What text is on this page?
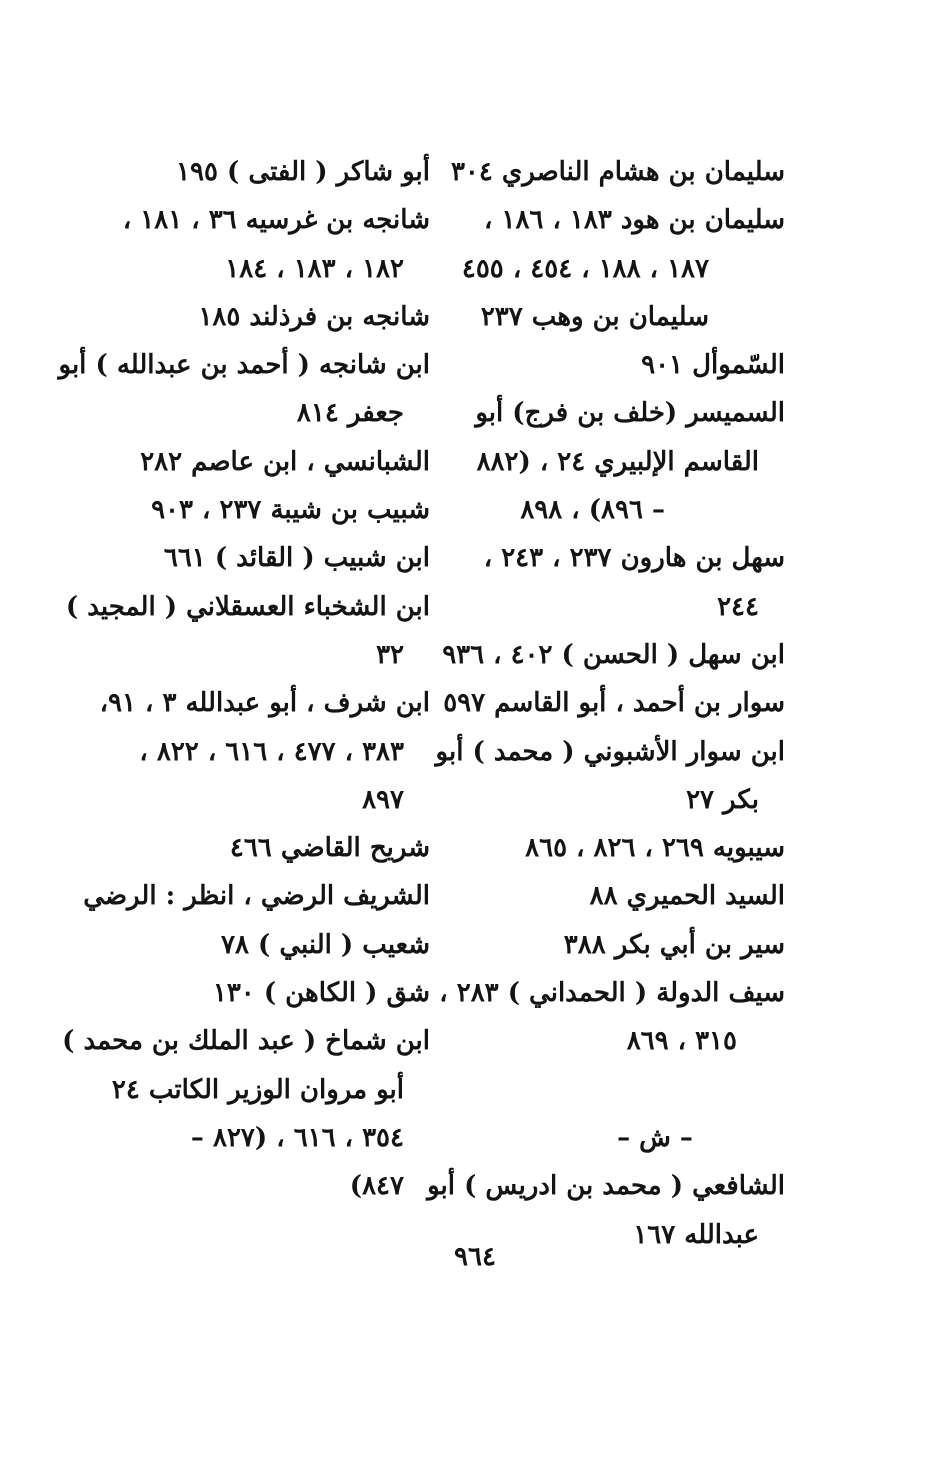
سليمان بن هشام الناصري ٣٠٤
سليمان بن هود ١٨٣ ، ١٨٦ ،
١٨٧ ، ١٨٨ ، ٤٥٤ ، ٤٥٥
سليمان بن وهب ٢٣٧
السّموأل ٩٠١
السميسر (خلف بن فرج) أبو
القاسم الإلبيري ٢٤ ، (٨٨٢
– ٨٩٦) ، ٨٩٨
سهل بن هارون ٢٣٧ ، ٢٤٣ ،
٢٤٤
ابن سهل ( الحسن ) ٤٠٢ ، ٩٣٦
سوار بن أحمد ، أبو القاسم ٥٩٧
ابن سوار الأشبوني ( محمد ) أبو
بكر ٢٧
سيبويه ٢٦٩ ، ٨٢٦ ، ٨٦٥
السيد الحميري ٨٨
سير بن أبي بكر ٣٨٨
سيف الدولة ( الحمداني ) ٢٨٣ ،
٣١٥ ، ٨٦٩
– ش –
الشافعي ( محمد بن ادريس ) أبو
عبدالله ١٦٧
أبو شاكر ( الفتى ) ١٩٥
شانجه بن غرسيه ٣٦ ، ١٨١ ،
١٨٢ ، ١٨٣ ، ١٨٤
شانجه بن فرذلند ١٨٥
ابن شانجه ( أحمد بن عبدالله ) أبو
جعفر ٨١٤
الشبانسي ، ابن عاصم ٢٨٢
شبيب بن شيبة ٢٣٧ ، ٩٠٣
ابن شبيب ( القائد ) ٦٦١
ابن الشخباء العسقلاني ( المجيد )
٣٢
ابن شرف ، أبو عبدالله ٣ ، ٩١،
٣٨٣ ، ٤٧٧ ، ٦١٦ ، ٨٢٢ ،
٨٩٧
شريح القاضي ٤٦٦
الشريف الرضي ، انظر : الرضي
شعيب ( النبي ) ٧٨
شق ( الكاهن ) ١٣٠
ابن شماخ ( عبد الملك بن محمد )
أبو مروان الوزير الكاتب ٢٤
٣٥٤ ، ٦١٦ ، (٨٢٧ –
٨٤٧)
٩٦٤
